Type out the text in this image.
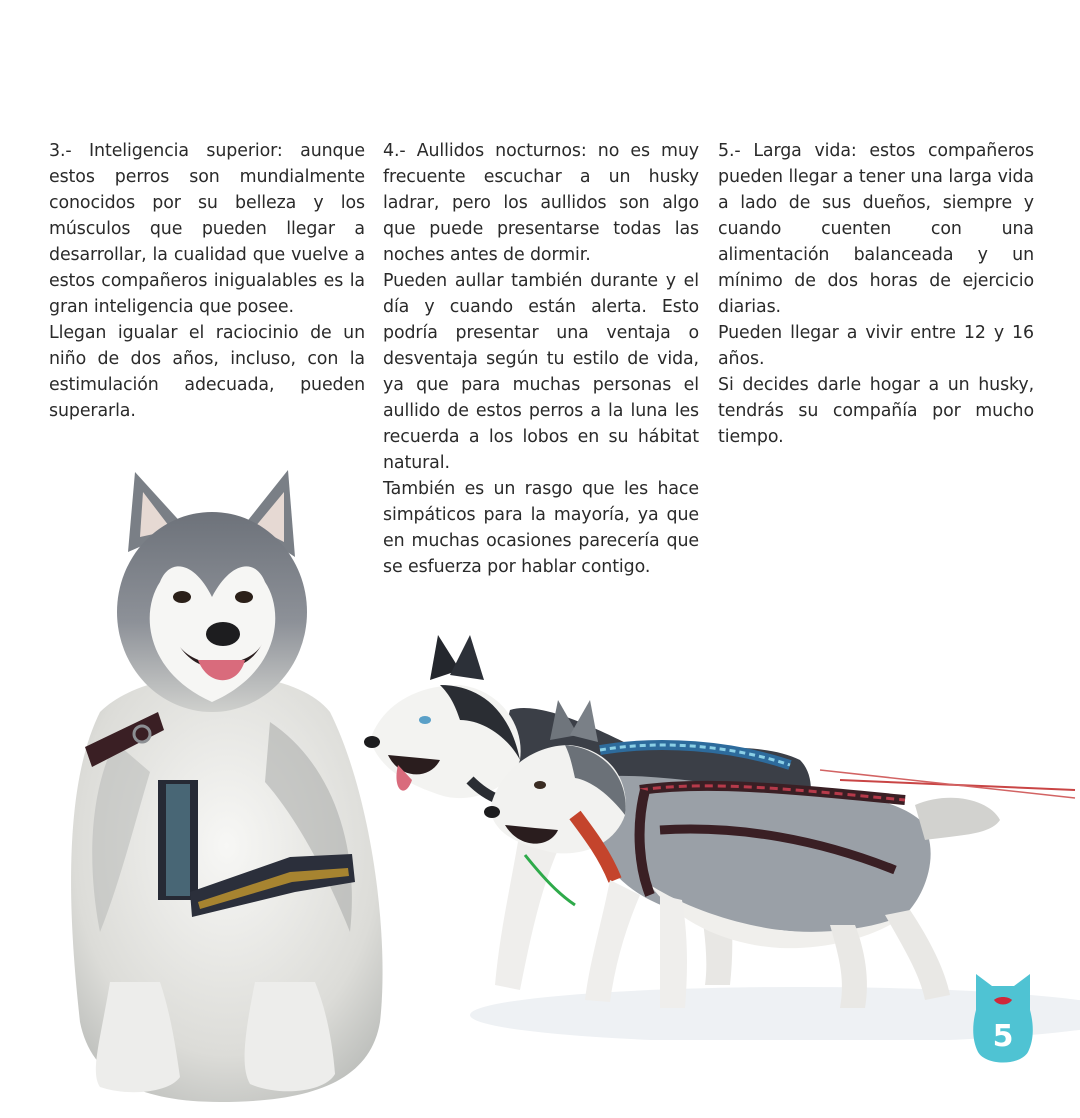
3.- Inteligencia superior: aunque estos perros son mundialmente conocidos por su belleza y los músculos que pueden llegar a desarrollar, la cualidad que vuelve a estos compañeros inigualables es la gran inteligencia que posee.

Llegan igualar el raciocinio de un niño de dos años, incluso, con la estimulación adecuada, pueden superarla.

4.- Aullidos nocturnos: no es muy frecuente escuchar a un husky ladrar, pero los aullidos son algo que puede presentarse todas las noches antes de dormir.

Pueden aullar también durante y el día y cuando están alerta. Esto podría presentar una ventaja o desventaja según tu estilo de vida, ya que para muchas personas el aullido de estos perros a la luna les recuerda a los lobos en su hábitat natural.

También es un rasgo que les hace simpáticos para la mayoría, ya que en muchas ocasiones parecería que se esfuerza por hablar contigo.

5.- Larga vida: estos compañeros pueden llegar a tener una larga vida a lado de sus dueños, siempre y cuando cuenten con una alimentación balanceada y un mínimo de dos horas de ejercicio diarias.

Pueden llegar a vivir entre 12 y 16 años.

Si decides darle hogar a un husky, tendrás su compañía por mucho tiempo.

5
